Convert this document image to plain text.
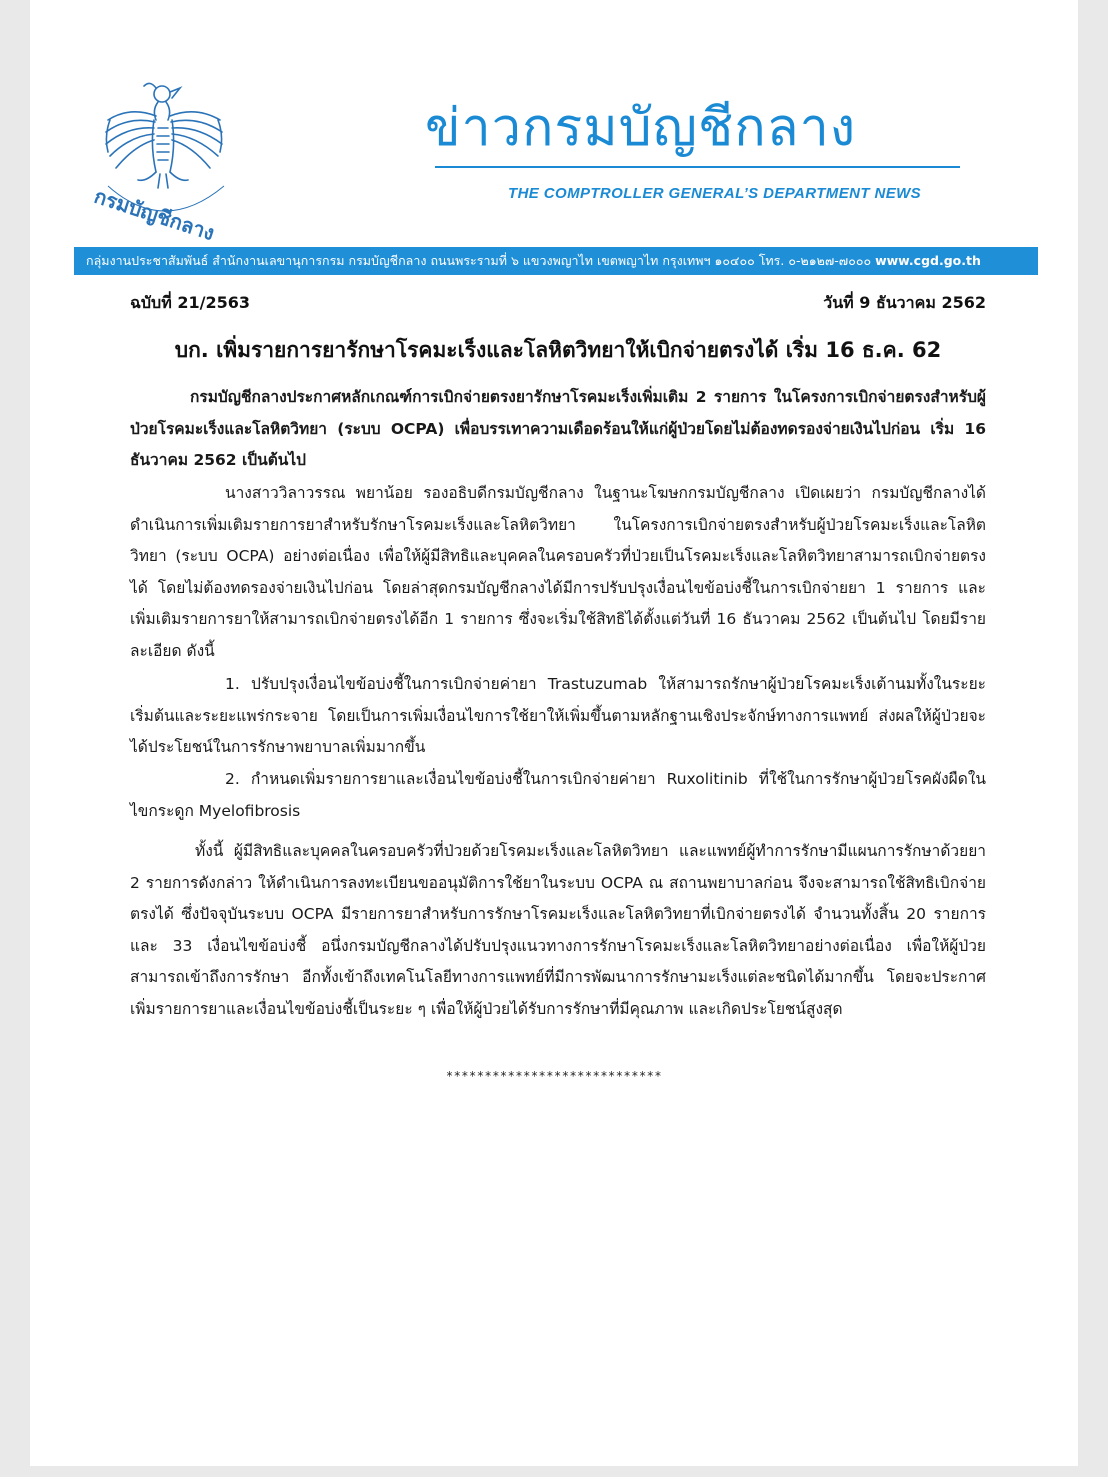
กรมบัญชีกลาง
ข่าวกรมบัญชีกลาง
THE COMPTROLLER GENERAL’S DEPARTMENT NEWS
กลุ่มงานประชาสัมพันธ์ สำนักงานเลขานุการกรม กรมบัญชีกลาง ถนนพระรามที่ ๖ แขวงพญาไท เขตพญาไท กรุงเทพฯ ๑๐๔๐๐ โทร. ๐-๒๑๒๗-๗๐๐๐ www.cgd.go.th
ฉบับที่ 21/2563	วันที่ 9 ธันวาคม 2562
บก. เพิ่มรายการยารักษาโรคมะเร็งและโลหิตวิทยาให้เบิกจ่ายตรงได้ เริ่ม 16 ธ.ค. 62

กรมบัญชีกลางประกาศหลักเกณฑ์การเบิกจ่ายตรงยารักษาโรคมะเร็งเพิ่มเติม 2 รายการ ในโครงการเบิกจ่ายตรงสำหรับผู้ป่วยโรคมะเร็งและโลหิตวิทยา (ระบบ OCPA) เพื่อบรรเทาความเดือดร้อนให้แก่ผู้ป่วยโดยไม่ต้องทดรองจ่ายเงินไปก่อน เริ่ม 16 ธันวาคม 2562 เป็นต้นไป

นางสาววิลาวรรณ พยาน้อย รองอธิบดีกรมบัญชีกลาง ในฐานะโฆษกกรมบัญชีกลาง เปิดเผยว่า กรมบัญชีกลางได้ดำเนินการเพิ่มเติมรายการยาสำหรับรักษาโรคมะเร็งและโลหิตวิทยา ในโครงการเบิกจ่ายตรงสำหรับผู้ป่วยโรคมะเร็งและโลหิตวิทยา (ระบบ OCPA) อย่างต่อเนื่อง เพื่อให้ผู้มีสิทธิและบุคคลในครอบครัวที่ป่วยเป็นโรคมะเร็งและโลหิตวิทยาสามารถเบิกจ่ายตรงได้ โดยไม่ต้องทดรองจ่ายเงินไปก่อน โดยล่าสุดกรมบัญชีกลางได้มีการปรับปรุงเงื่อนไขข้อบ่งชี้ในการเบิกจ่ายยา 1 รายการ และเพิ่มเติมรายการยาให้สามารถเบิกจ่ายตรงได้อีก 1 รายการ ซึ่งจะเริ่มใช้สิทธิได้ตั้งแต่วันที่ 16 ธันวาคม 2562 เป็นต้นไป โดยมีรายละเอียด ดังนี้

1. ปรับปรุงเงื่อนไขข้อบ่งชี้ในการเบิกจ่ายค่ายา Trastuzumab ให้สามารถรักษาผู้ป่วยโรคมะเร็งเต้านมทั้งในระยะเริ่มต้นและระยะแพร่กระจาย โดยเป็นการเพิ่มเงื่อนไขการใช้ยาให้เพิ่มขึ้นตามหลักฐานเชิงประจักษ์ทางการแพทย์ ส่งผลให้ผู้ป่วยจะได้ประโยชน์ในการรักษาพยาบาลเพิ่มมากขึ้น

2. กำหนดเพิ่มรายการยาและเงื่อนไขข้อบ่งชี้ในการเบิกจ่ายค่ายา Ruxolitinib ที่ใช้ในการรักษาผู้ป่วยโรคผังผืดในไขกระดูก Myelofibrosis

ทั้งนี้ ผู้มีสิทธิและบุคคลในครอบครัวที่ป่วยด้วยโรคมะเร็งและโลหิตวิทยา และแพทย์ผู้ทำการรักษามีแผนการรักษาด้วยยา 2 รายการดังกล่าว ให้ดำเนินการลงทะเบียนขออนุมัติการใช้ยาในระบบ OCPA ณ สถานพยาบาลก่อน จึงจะสามารถใช้สิทธิเบิกจ่ายตรงได้ ซึ่งปัจจุบันระบบ OCPA มีรายการยาสำหรับการรักษาโรคมะเร็งและโลหิตวิทยาที่เบิกจ่ายตรงได้ จำนวนทั้งสิ้น 20 รายการ และ 33 เงื่อนไขข้อบ่งชี้ อนึ่งกรมบัญชีกลางได้ปรับปรุงแนวทางการรักษาโรคมะเร็งและโลหิตวิทยาอย่างต่อเนื่อง เพื่อให้ผู้ป่วยสามารถเข้าถึงการรักษา อีกทั้งเข้าถึงเทคโนโลยีทางการแพทย์ที่มีการพัฒนาการรักษามะเร็งแต่ละชนิดได้มากขึ้น โดยจะประกาศเพิ่มรายการยาและเงื่อนไขข้อบ่งชี้เป็นระยะ ๆ เพื่อให้ผู้ป่วยได้รับการรักษาที่มีคุณภาพ และเกิดประโยชน์สูงสุด

****************************
